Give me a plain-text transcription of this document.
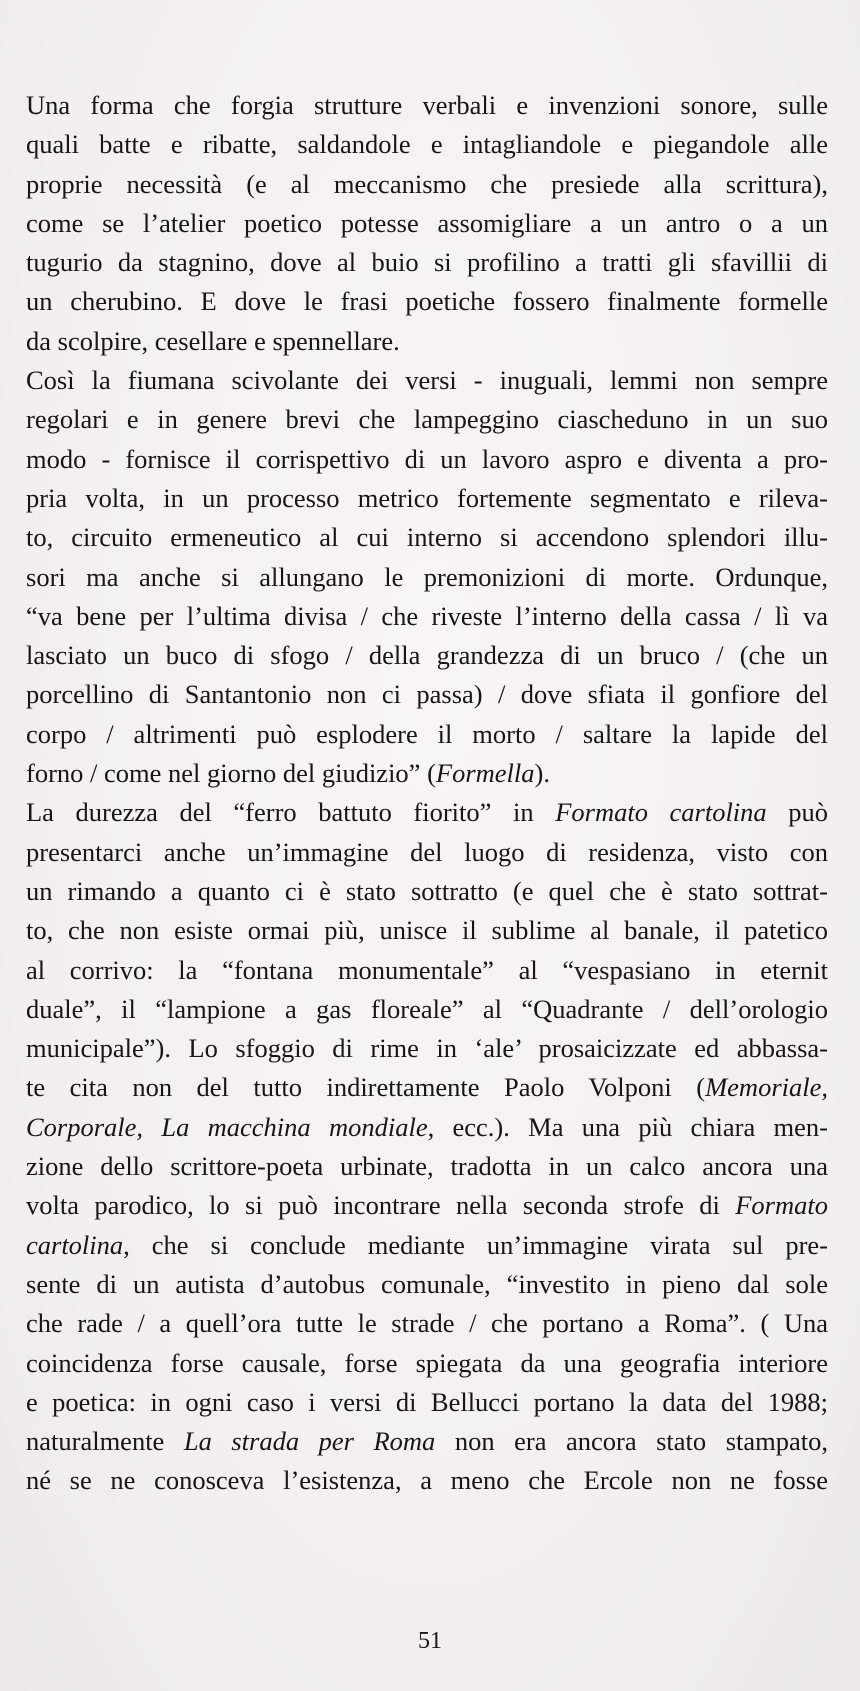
Una forma che forgia strutture verbali e invenzioni sonore, sulle
quali batte e ribatte, saldandole e intagliandole e piegandole alle
proprie necessità (e al meccanismo che presiede alla scrittura),
come se l’atelier poetico potesse assomigliare a un antro o a un
tugurio da stagnino, dove al buio si profilino a tratti gli sfavillii di
un cherubino. E dove le frasi poetiche fossero finalmente formelle
da scolpire, cesellare e spennellare.
Così la fiumana scivolante dei versi - inuguali, lemmi non sempre
regolari e in genere brevi che lampeggino ciascheduno in un suo
modo - fornisce il corrispettivo di un lavoro aspro e diventa a pro-
pria volta, in un processo metrico fortemente segmentato e rileva-
to, circuito ermeneutico al cui interno si accendono splendori illu-
sori ma anche si allungano le premonizioni di morte. Ordunque,
“va bene per l’ultima divisa / che riveste l’interno della cassa / lì va
lasciato un buco di sfogo / della grandezza di un bruco / (che un
porcellino di Santantonio non ci passa) / dove sfiata il gonfiore del
corpo / altrimenti può esplodere il morto / saltare la lapide del
forno / come nel giorno del giudizio” (Formella).
La durezza del “ferro battuto fiorito” in Formato cartolina può
presentarci anche un’immagine del luogo di residenza, visto con
un rimando a quanto ci è stato sottratto (e quel che è stato sottrat-
to, che non esiste ormai più, unisce il sublime al banale, il patetico
al corrivo: la “fontana monumentale” al “vespasiano in eternit
duale”, il “lampione a gas floreale” al “Quadrante / dell’orologio
municipale”). Lo sfoggio di rime in ‘ale’ prosaicizzate ed abbassa-
te cita non del tutto indirettamente Paolo Volponi (Memoriale,
Corporale, La macchina mondiale, ecc.). Ma una più chiara men-
zione dello scrittore-poeta urbinate, tradotta in un calco ancora una
volta parodico, lo si può incontrare nella seconda strofe di Formato
cartolina, che si conclude mediante un’immagine virata sul pre-
sente di un autista d’autobus comunale, “investito in pieno dal sole
che rade / a quell’ora tutte le strade / che portano a Roma”. ( Una
coincidenza forse causale, forse spiegata da una geografia interiore
e poetica: in ogni caso i versi di Bellucci portano la data del 1988;
naturalmente La strada per Roma non era ancora stato stampato,
né se ne conosceva l’esistenza, a meno che Ercole non ne fosse
51
